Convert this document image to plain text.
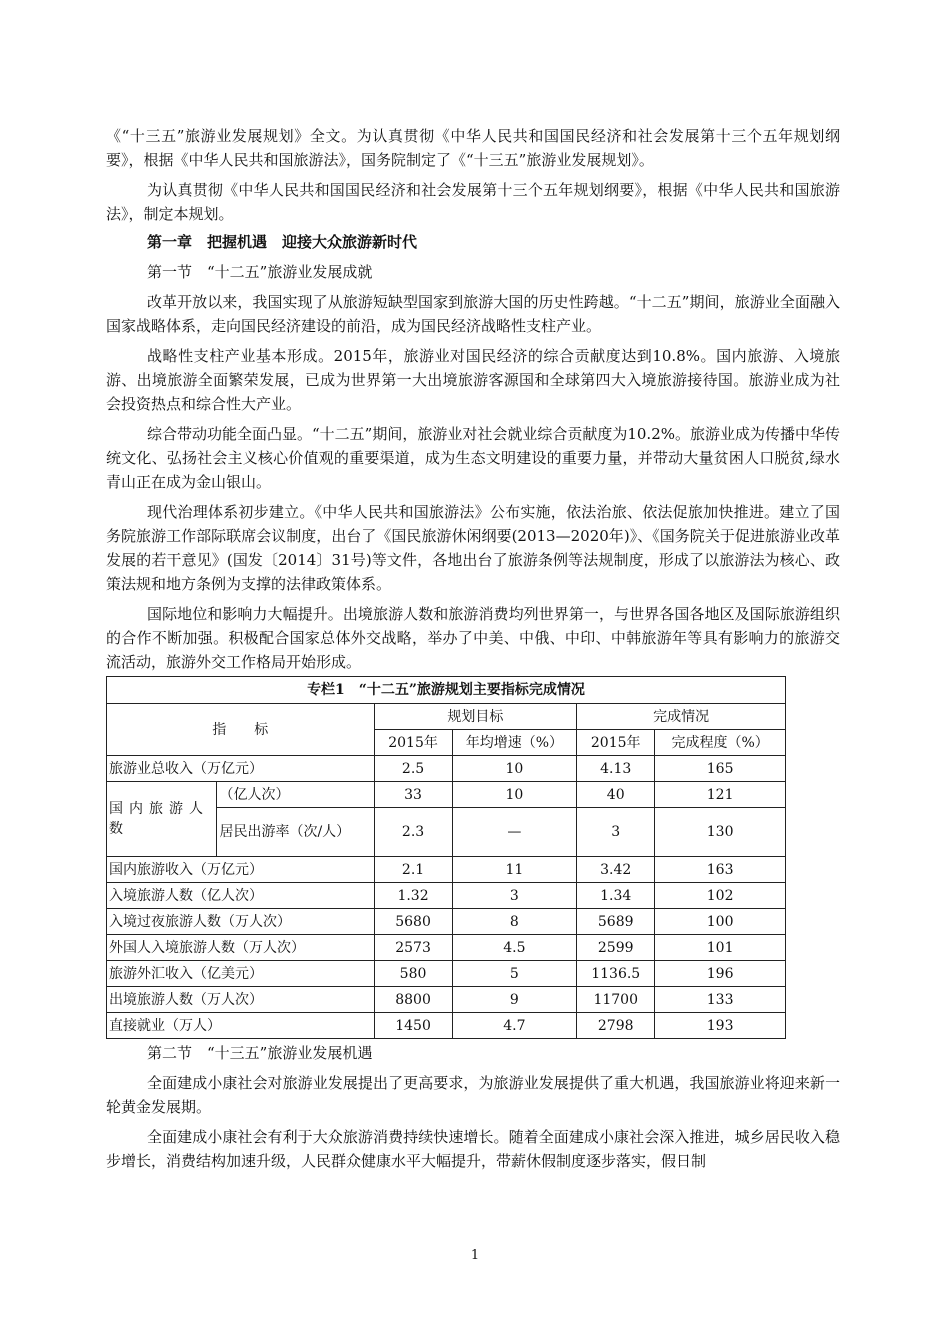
《“十三五”旅游业发展规划》全文。为认真贯彻《中华人民共和国国民经济和社会发展第十三个五年规划纲要》，根据《中华人民共和国旅游法》，国务院制定了《“十三五”旅游业发展规划》。

为认真贯彻《中华人民共和国国民经济和社会发展第十三个五年规划纲要》，根据《中华人民共和国旅游法》，制定本规划。

第一章　把握机遇　迎接大众旅游新时代

第一节　“十二五”旅游业发展成就

改革开放以来，我国实现了从旅游短缺型国家到旅游大国的历史性跨越。“十二五”期间，旅游业全面融入国家战略体系，走向国民经济建设的前沿，成为国民经济战略性支柱产业。

战略性支柱产业基本形成。2015年，旅游业对国民经济的综合贡献度达到10.8%。国内旅游、入境旅游、出境旅游全面繁荣发展，已成为世界第一大出境旅游客源国和全球第四大入境旅游接待国。旅游业成为社会投资热点和综合性大产业。

综合带动功能全面凸显。“十二五”期间，旅游业对社会就业综合贡献度为10.2%。旅游业成为传播中华传统文化、弘扬社会主义核心价值观的重要渠道，成为生态文明建设的重要力量，并带动大量贫困人口脱贫,绿水青山正在成为金山银山。

现代治理体系初步建立。《中华人民共和国旅游法》公布实施，依法治旅、依法促旅加快推进。建立了国务院旅游工作部际联席会议制度，出台了《国民旅游休闲纲要(2013—2020年)》、《国务院关于促进旅游业改革发展的若干意见》(国发〔2014〕31号)等文件，各地出台了旅游条例等法规制度，形成了以旅游法为核心、政策法规和地方条例为支撑的法律政策体系。

国际地位和影响力大幅提升。出境旅游人数和旅游消费均列世界第一，与世界各国各地区及国际旅游组织的合作不断加强。积极配合国家总体外交战略，举办了中美、中俄、中印、中韩旅游年等具有影响力的旅游交流活动，旅游外交工作格局开始形成。

专栏1　“十二五”旅游规划主要指标完成情况					
指　　标		规划目标		完成情况	
		2015年	年均增速（%）	2015年	完成程度（%）
旅游业总收入（万亿元）		2.5	10	4.13	165
国内旅游人数	（亿人次）	33	10	40	121
	居民出游率（次/人）	2.3	—	3	130
国内旅游收入（万亿元）		2.1	11	3.42	163
入境旅游人数（亿人次）		1.32	3	1.34	102
入境过夜旅游人数（万人次）		5680	8	5689	100
外国人入境旅游人数（万人次）		2573	4.5	2599	101
旅游外汇收入（亿美元）		580	5	1136.5	196
出境旅游人数（万人次）		8800	9	11700	133
直接就业（万人）		1450	4.7	2798	193

第二节　“十三五”旅游业发展机遇

全面建成小康社会对旅游业发展提出了更高要求，为旅游业发展提供了重大机遇，我国旅游业将迎来新一轮黄金发展期。

全面建成小康社会有利于大众旅游消费持续快速增长。随着全面建成小康社会深入推进，城乡居民收入稳步增长，消费结构加速升级，人民群众健康水平大幅提升，带薪休假制度逐步落实，假日制

1
